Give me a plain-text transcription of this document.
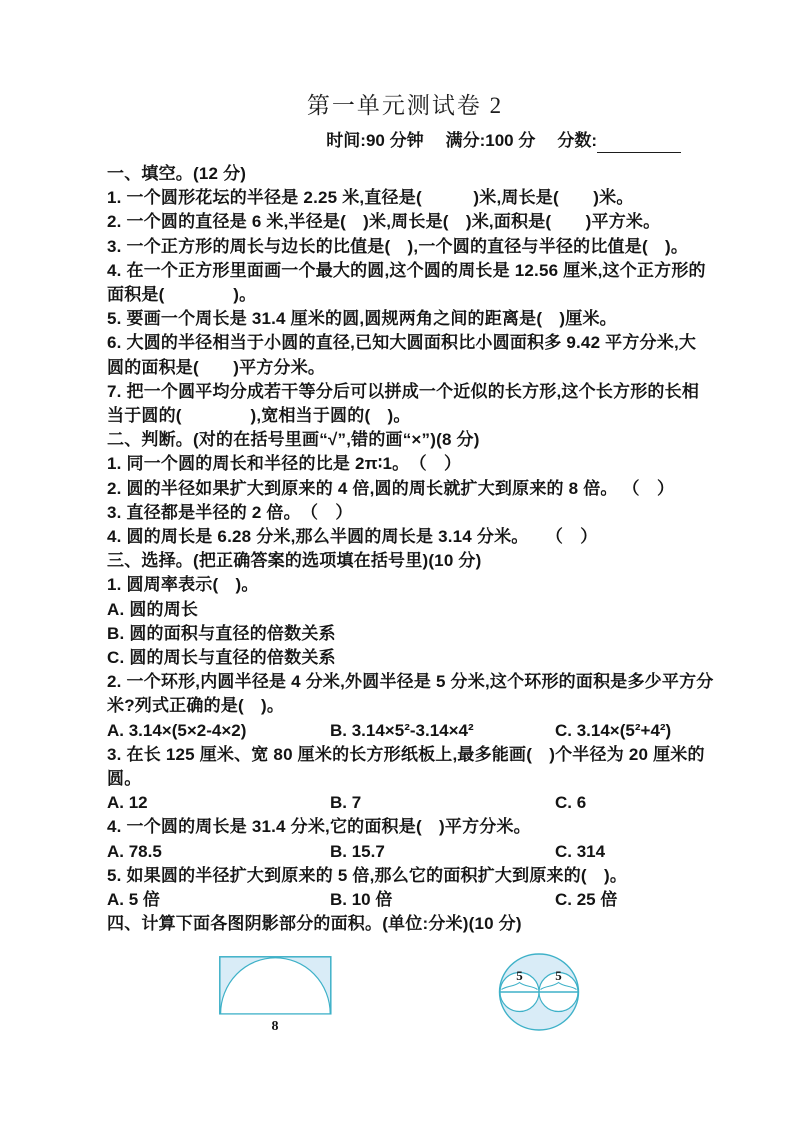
第一单元测试卷 2
时间:90 分钟 满分:100 分 分数:
一、填空。(12 分)
1. 一个圆形花坛的半径是 2.25 米,直径是(　　　)米,周长是(　　)米。
2. 一个圆的直径是 6 米,半径是(　)米,周长是(　)米,面积是(　　)平方米。
3. 一个正方形的周长与边长的比值是(　),一个圆的直径与半径的比值是(　)。
4. 在一个正方形里面画一个最大的圆,这个圆的周长是 12.56 厘米,这个正方形的
面积是(　　　　)。
5. 要画一个周长是 31.4 厘米的圆,圆规两角之间的距离是(　)厘米。
6. 大圆的半径相当于小圆的直径,已知大圆面积比小圆面积多 9.42 平方分米,大
圆的面积是(　　)平方分米。
7. 把一个圆平均分成若干等分后可以拼成一个近似的长方形,这个长方形的长相
当于圆的(　　　　),宽相当于圆的(　)。
二、判断。(对的在括号里画“√”,错的画“×”)(8 分)
1. 同一个圆的周长和半径的比是 2π∶1。　（　）
2. 圆的半径如果扩大到原来的 4 倍,圆的周长就扩大到原来的 8 倍。 （　）
3. 直径都是半径的 2 倍。　（　）
4. 圆的周长是 6.28 分米,那么半圆的周长是 3.14 分米。　　（　）
三、选择。(把正确答案的选项填在括号里)(10 分)
1. 圆周率表示(　)。
A. 圆的周长
B. 圆的面积与直径的倍数关系
C. 圆的周长与直径的倍数关系
2. 一个环形,内圆半径是 4 分米,外圆半径是 5 分米,这个环形的面积是多少平方分
米?列式正确的是(　)。
A. 3.14×(5×2-4×2)	B. 3.14×5²-3.14×4²	C. 3.14×(5²+4²)
3. 在长 125 厘米、宽 80 厘米的长方形纸板上,最多能画(　)个半径为 20 厘米的
圆。
A. 12	B. 7	C. 6
4. 一个圆的周长是 31.4 分米,它的面积是(　)平方分米。
A. 78.5	B. 15.7	C. 314
5. 如果圆的半径扩大到原来的 5 倍,那么它的面积扩大到原来的(　)。
A. 5 倍	B. 10 倍	C. 25 倍
四、计算下面各图阴影部分的面积。(单位:分米)(10 分)
8
5	5
